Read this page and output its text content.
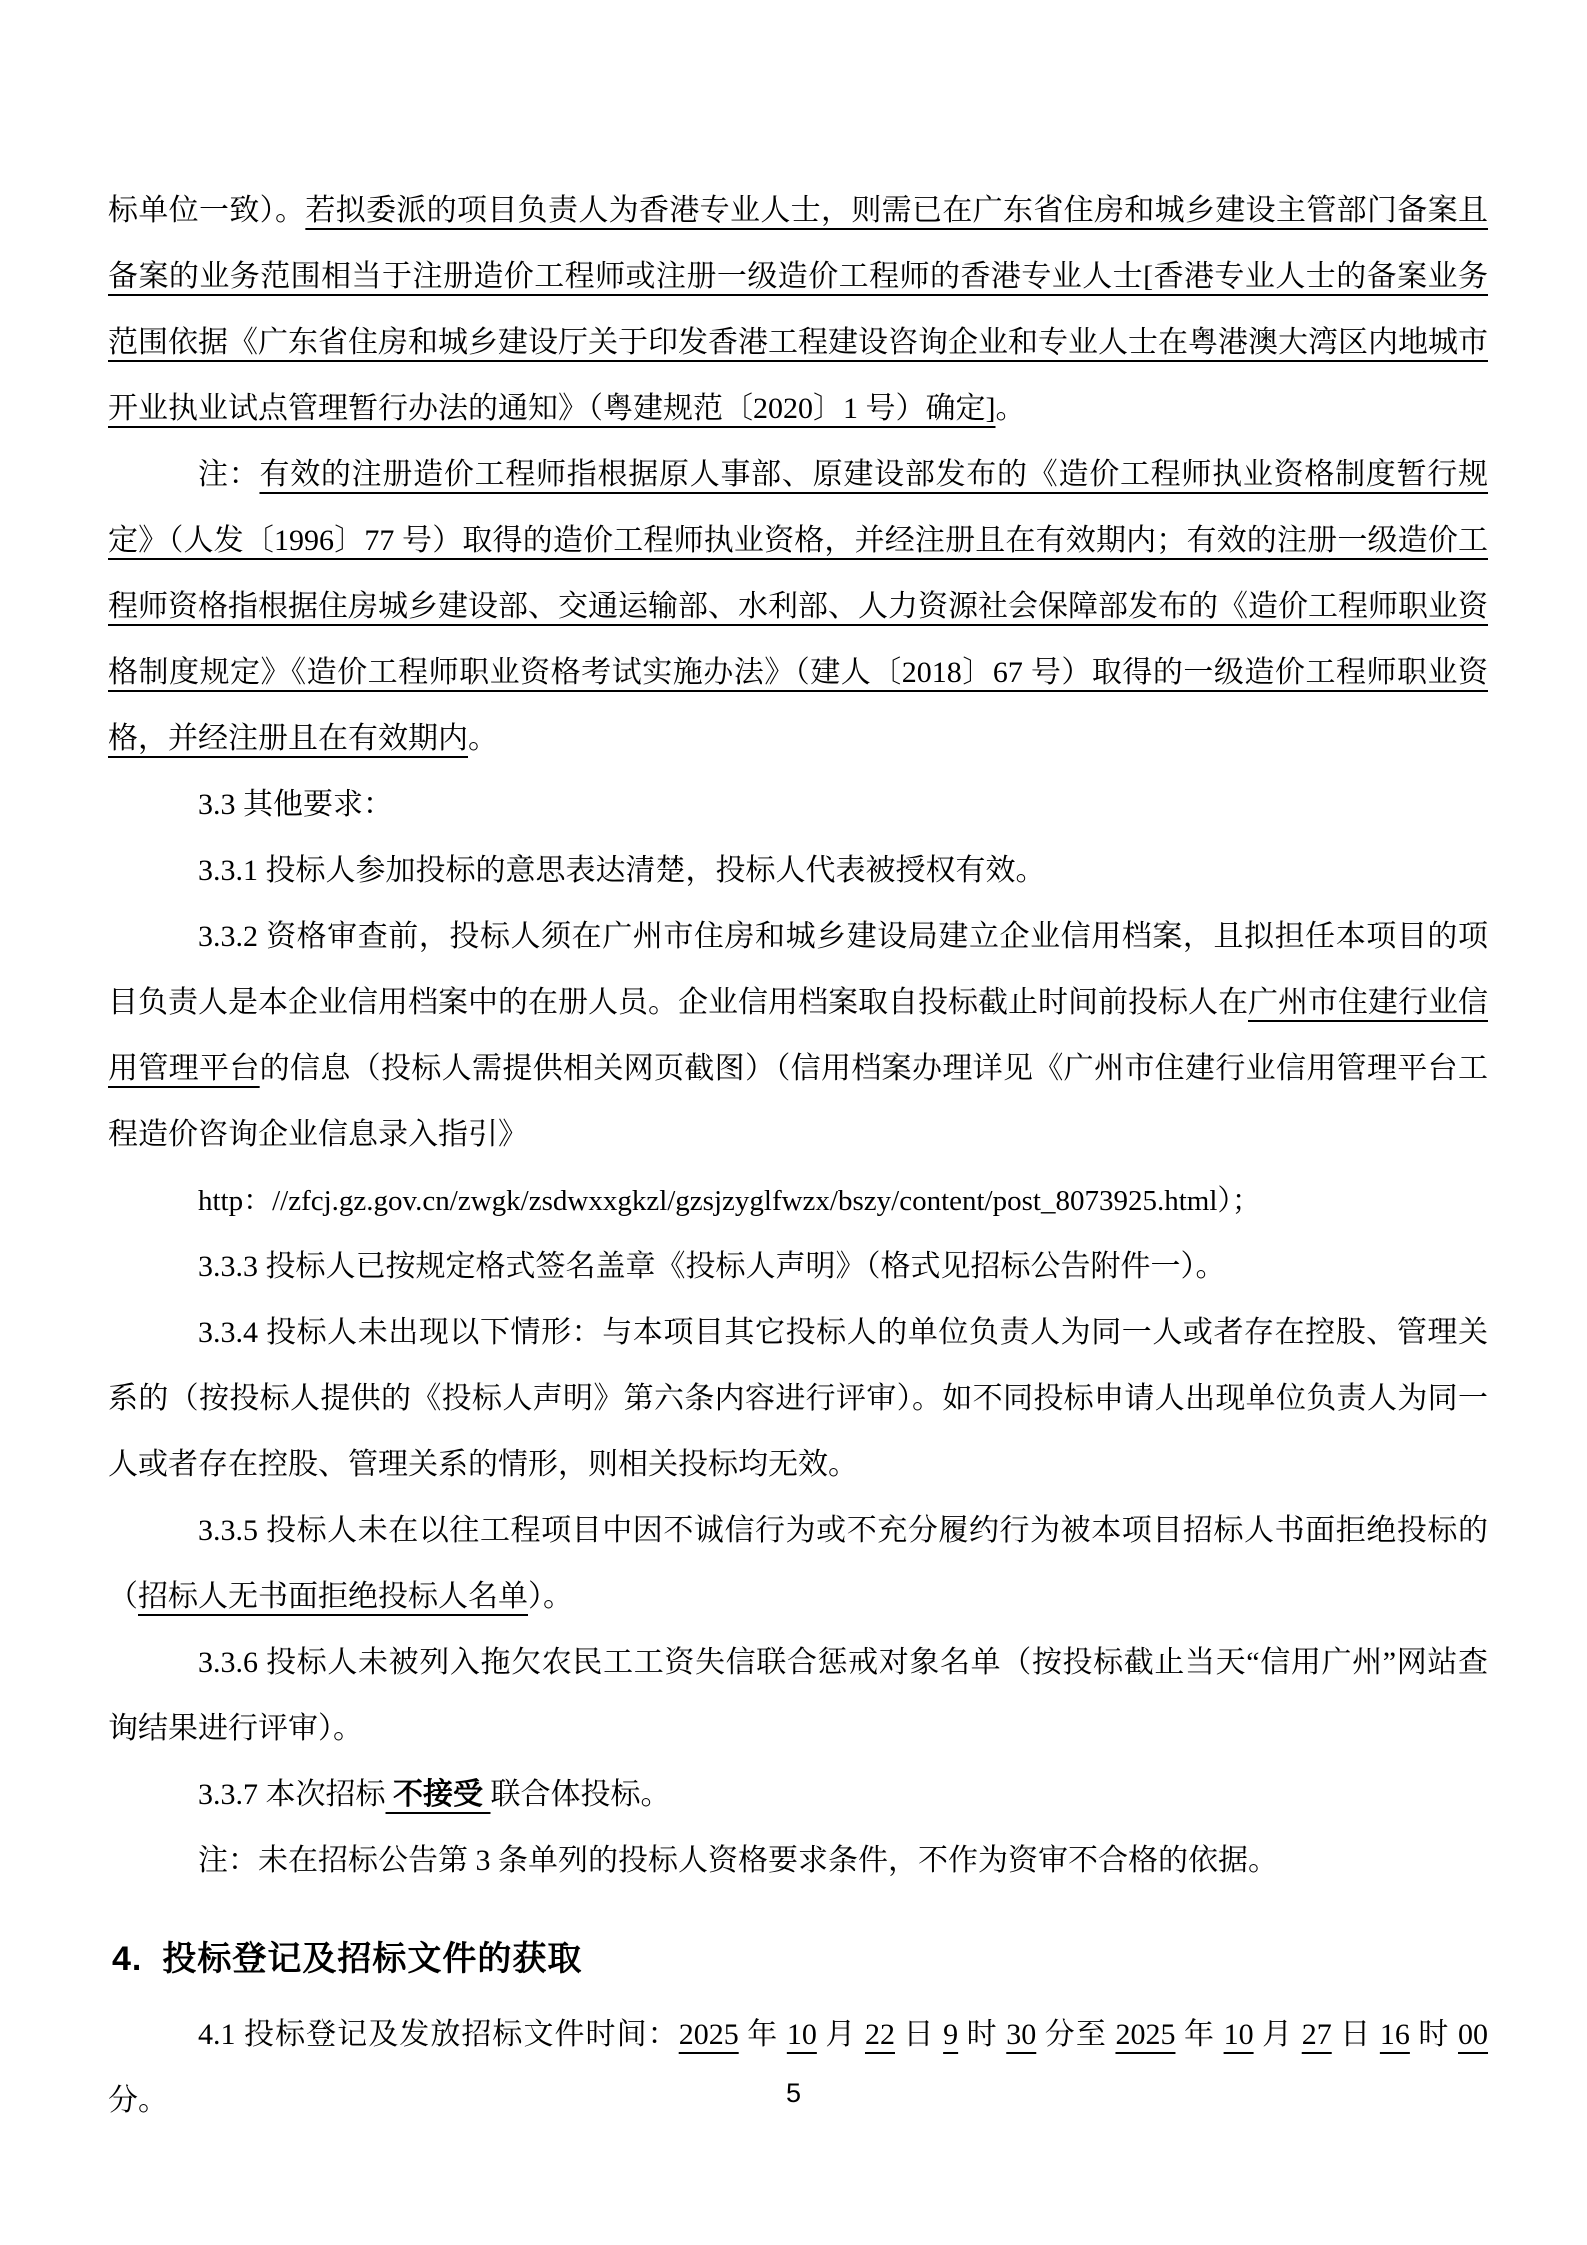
标单位一致）。若拟委派的项目负责人为香港专业人士，则需已在广东省住房和城乡建设主管部门备案且备案的业务范围相当于注册造价工程师或注册一级造价工程师的香港专业人士[香港专业人士的备案业务范围依据《广东省住房和城乡建设厅关于印发香港工程建设咨询企业和专业人士在粤港澳大湾区内地城市开业执业试点管理暂行办法的通知》（粤建规范〔2020〕1 号）确定]。

注：有效的注册造价工程师指根据原人事部、原建设部发布的《造价工程师执业资格制度暂行规定》（人发〔1996〕77 号）取得的造价工程师执业资格，并经注册且在有效期内；有效的注册一级造价工程师资格指根据住房城乡建设部、交通运输部、水利部、人力资源社会保障部发布的《造价工程师职业资格制度规定》《造价工程师职业资格考试实施办法》（建人〔2018〕67 号）取得的一级造价工程师职业资格，并经注册且在有效期内。

3.3 其他要求：

3.3.1 投标人参加投标的意思表达清楚，投标人代表被授权有效。

3.3.2 资格审查前，投标人须在广州市住房和城乡建设局建立企业信用档案，且拟担任本项目的项目负责人是本企业信用档案中的在册人员。企业信用档案取自投标截止时间前投标人在广州市住建行业信用管理平台的信息（投标人需提供相关网页截图）（信用档案办理详见《广州市住建行业信用管理平台工程造价咨询企业信息录入指引》

http：//zfcj.gz.gov.cn/zwgk/zsdwxxgkzl/gzsjzyglfwzx/bszy/content/post_8073925.html）；

3.3.3 投标人已按规定格式签名盖章《投标人声明》（格式见招标公告附件一）。

3.3.4 投标人未出现以下情形：与本项目其它投标人的单位负责人为同一人或者存在控股、管理关系的（按投标人提供的《投标人声明》第六条内容进行评审）。如不同投标申请人出现单位负责人为同一人或者存在控股、管理关系的情形，则相关投标均无效。

3.3.5 投标人未在以往工程项目中因不诚信行为或不充分履约行为被本项目招标人书面拒绝投标的（招标人无书面拒绝投标人名单）。

3.3.6 投标人未被列入拖欠农民工工资失信联合惩戒对象名单（按投标截止当天“信用广州”网站查询结果进行评审）。

3.3.7 本次招标 不接受 联合体投标。

注：未在招标公告第 3 条单列的投标人资格要求条件，不作为资审不合格的依据。

4. 投标登记及招标文件的获取

4.1 投标登记及发放招标文件时间：2025 年 10 月 22 日 9 时 30 分至 2025 年 10 月 27 日 16 时 00 分。	5
